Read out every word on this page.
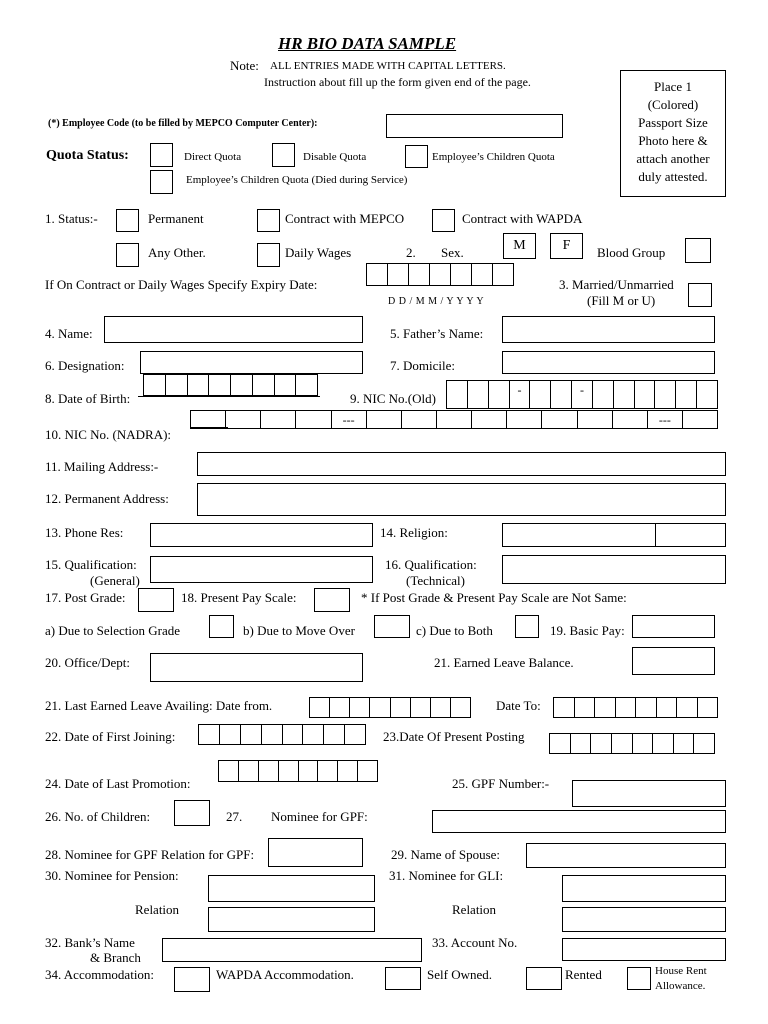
HR BIO DATA SAMPLE
Note: ALL ENTRIES MADE WITH CAPITAL LETTERS.
Instruction about fill up the form given end of the page.	Place 1
(Colored)
Passport Size
Photo here &
attach another
duly attested.
(*) Employee Code (to be filled by MEPCO Computer Center):
Quota Status:	Direct Quota	Disable Quota	Employee’s Children Quota
Employee’s Children Quota (Died during Service)
1. Status:-	Permanent	Contract with MEPCO	Contract with WAPDA
Any Other.	Daily Wages	2. Sex.	M	F	Blood Group
If On Contract or Daily Wages Specify Expiry Date:
D D / M M / Y Y Y Y
3. Married/Unmarried
(Fill M or U)
4. Name:	5. Father’s Name:
6. Designation:	7. Domicile:
8. Date of Birth:	9. NIC No.(Old)
-	-
---	---
10. NIC No. (NADRA):
11. Mailing Address:-
12. Permanent Address:
13. Phone Res:	14. Religion:
15. Qualification:
(General)
16. Qualification:
(Technical)
17. Post Grade:	18. Present Pay Scale:	* If Post Grade & Present Pay Scale are Not Same:
a) Due to Selection Grade	b) Due to Move Over	c) Due to Both	19. Basic Pay:
20. Office/Dept:	21. Earned Leave Balance.
21. Last Earned Leave Availing: Date from.	Date To:
22. Date of First Joining:	23.Date Of Present Posting
24. Date of Last Promotion:	25. GPF Number:-
26. No. of Children:	27. Nominee for GPF:
28. Nominee for GPF Relation for GPF:	29. Name of Spouse:
30. Nominee for Pension:	31. Nominee for GLI:
Relation	Relation
32. Bank’s Name
& Branch
33. Account No.
34. Accommodation:	WAPDA Accommodation.	Self Owned.	Rented	House Rent
Allowance.
